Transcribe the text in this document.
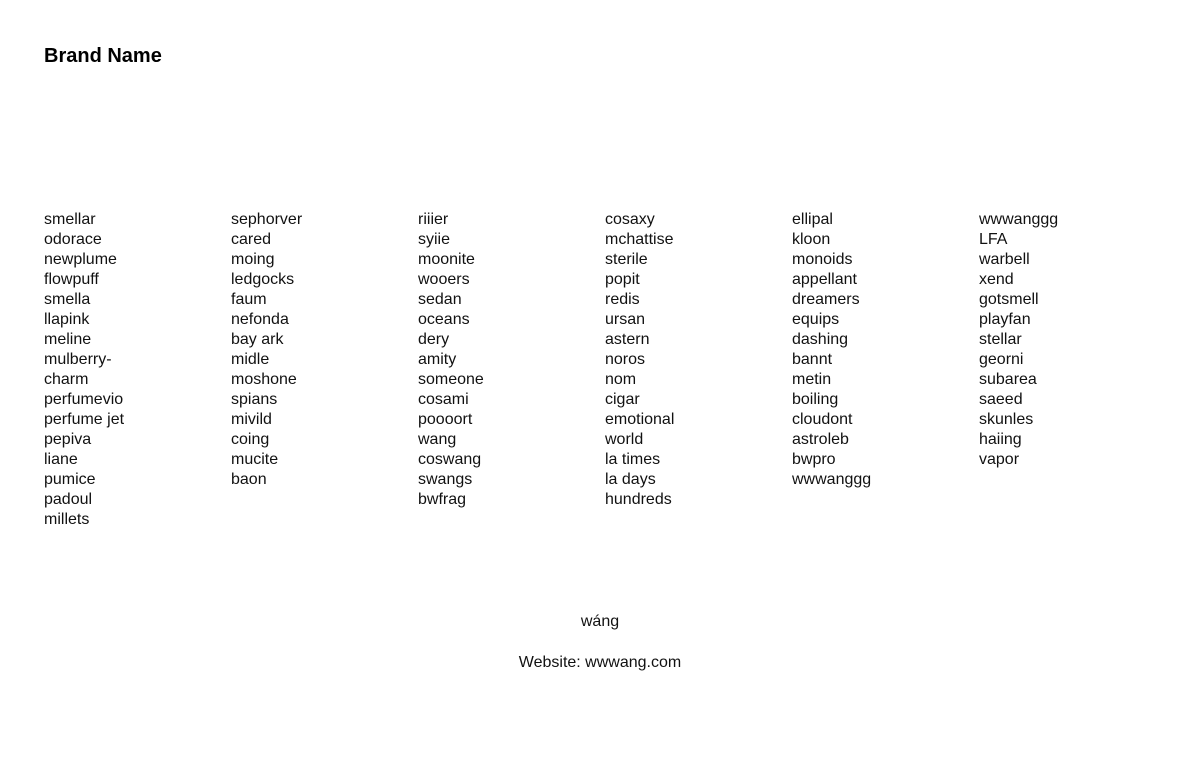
Brand Name
smellar
odorace
newplume
flowpuff
smella
llapink
meline
mulberry-
charm
perfumevio
perfume jet
pepiva
liane
pumice
padoul
millets
sephorver
cared
moing
ledgocks
faum
nefonda
bay ark
midle
moshone
spians
mivild
coing
mucite
baon
riiier
syiie
moonite
wooers
sedan
oceans
dery
amity
someone
cosami
poooort
wang
coswang
swangs
bwfrag
cosaxy
mchattise
sterile
popit
redis
ursan
astern
noros
nom
cigar
emotional
world
la times
la days
hundreds
ellipal
kloon
monoids
appellant
dreamers
equips
dashing
bannt
metin
boiling
cloudont
astroleb
bwpro
wwwanggg
wwwanggg
LFA
warbell
xend
gotsmell
playfan
stellar
georni
subarea
saeed
skunles
haiing
vapor
wáng
Website: wwwang.com
